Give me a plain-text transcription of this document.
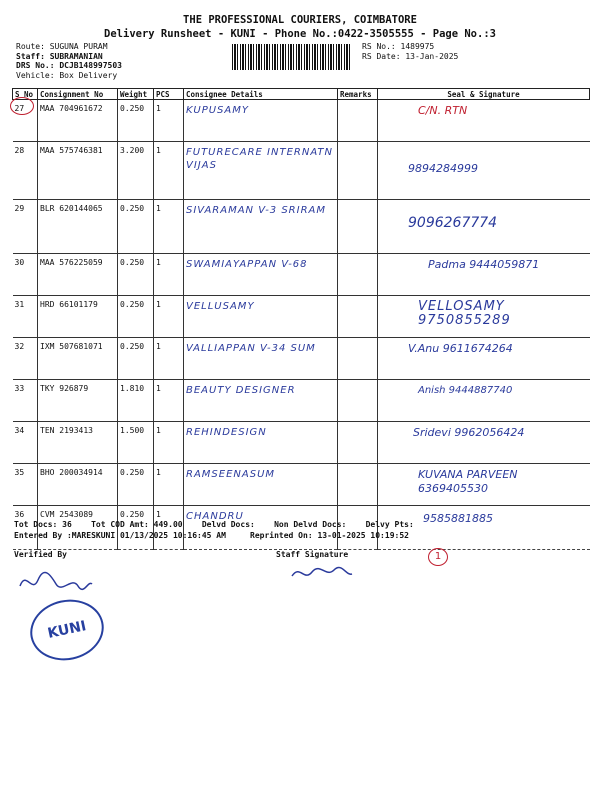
THE PROFESSIONAL COURIERS, COIMBATORE
Delivery Runsheet - KUNI - Phone No.:0422-3505555 - Page No.:3
Route: SUGUNA PURAM
Staff: SUBRAMANIAN
DRS No.: DCJB148997503
Vehicle: Box Delivery
RS No.: 1489975
RS Date: 13-Jan-2025
S No	Consignment No	Weight	PCS	Consignee Details	Remarks	Seal & Signature
27	MAA 704961672	0.250	1	KUPUSAMY		C/N. RTN
28	MAA 575746381	3.200	1	FUTURECARE INTERNATN VIJAS		9894284999
29	BLR 620144065	0.250	1	SIVARAMAN V-3 SRIRAM		9096267774
30	MAA 576225059	0.250	1	SWAMIAYAPPAN V-68		Padma 9444059871
31	HRD 66101179	0.250	1	VELLUSAMY		VELLOSAMY 9750855289
32	IXM 507681071	0.250	1	VALLIAPPAN V-34 SUM		V.Anu 9611674264
33	TKY 926879	1.810	1	BEAUTY DESIGNER		Anish 9444887740
34	TEN 2193413	1.500	1	REHINDESIGN		Sridevi 9962056424
35	BHO 200034914	0.250	1	RAMSEENASUM		KUVANA PARVEEN 6369405530
36	CVM 2543089	0.250	1	CHANDRU		9585881885
Tot Docs: 36 Tot COD Amt: 449.00 Delvd Docs: Non Delvd Docs: Delvy Pts:
Entered By :MARESKUNI 01/13/2025 10:16:45 AM	Reprinted On: 13-01-2025 10:19:52
Verified By	Staff Signature
KUNI
1
